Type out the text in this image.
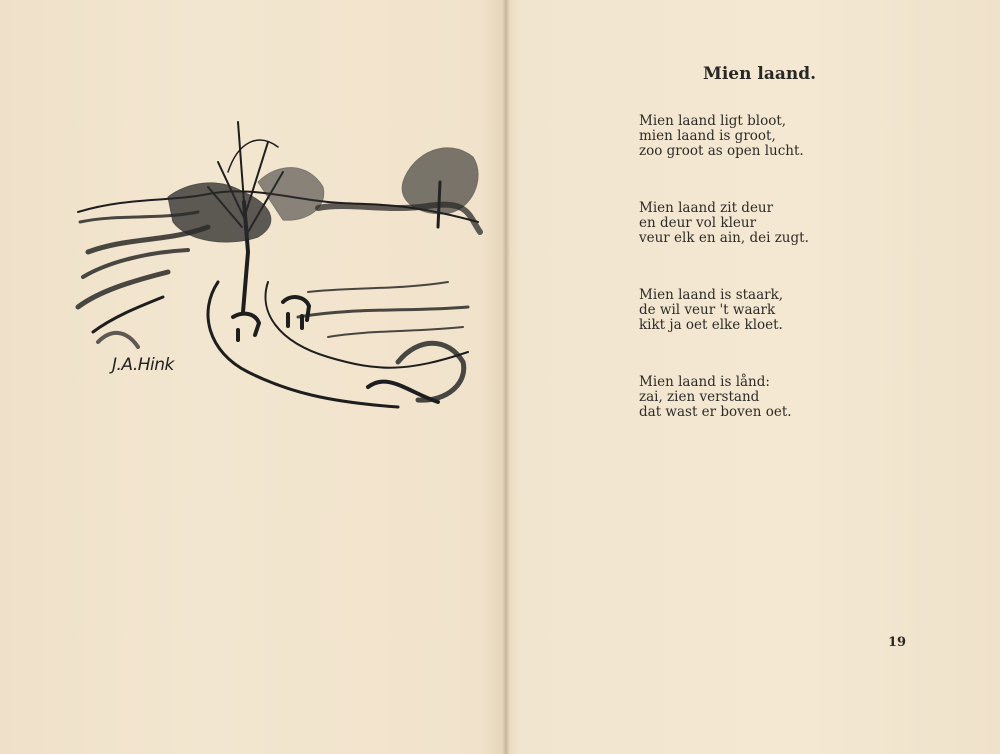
J.A.Hink
Mien laand.
Mien laand ligt bloot,
mien laand is groot,
zoo groot as open lucht.
Mien laand zit deur
en deur vol kleur
veur elk en ain, dei zugt.
Mien laand is staark,
de wil veur 't waark
kikt ja oet elke kloet.
Mien laand is lånd:
zai, zien verstand
dat wast er boven oet.
19
